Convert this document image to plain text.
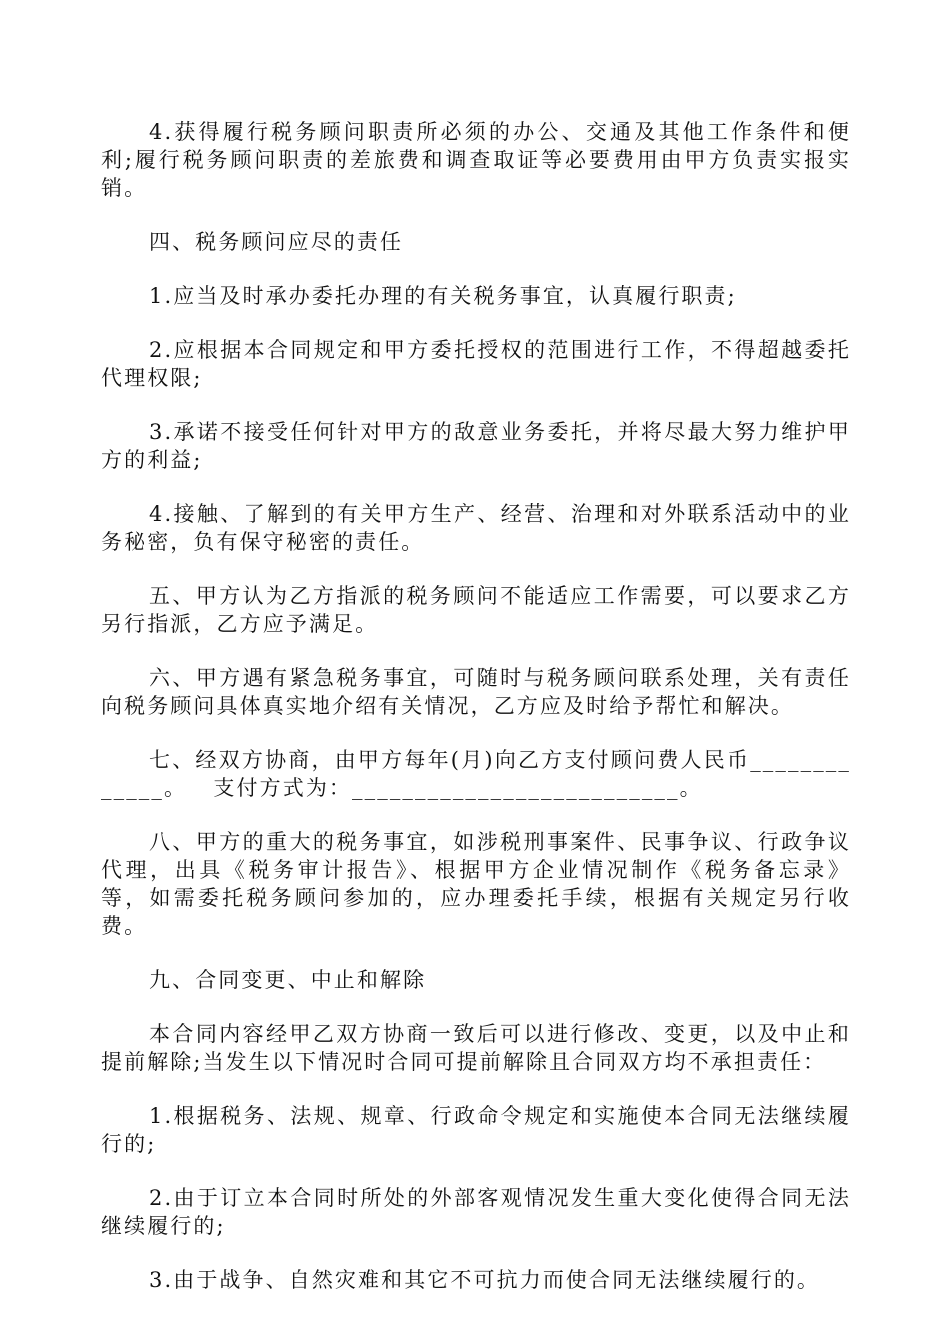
4.获得履行税务顾问职责所必须的办公、交通及其他工作条件和便利;履行税务顾问职责的差旅费和调查取证等必要费用由甲方负责实报实销。

四、税务顾问应尽的责任

1.应当及时承办委托办理的有关税务事宜，认真履行职责;

2.应根据本合同规定和甲方委托授权的范围进行工作，不得超越委托代理权限;

3.承诺不接受任何针对甲方的敌意业务委托，并将尽最大努力维护甲方的利益;

4.接触、了解到的有关甲方生产、经营、治理和对外联系活动中的业务秘密，负有保守秘密的责任。

五、甲方认为乙方指派的税务顾问不能适应工作需要，可以要求乙方另行指派，乙方应予满足。

六、甲方遇有紧急税务事宜，可随时与税务顾问联系处理，关有责任向税务顾问具体真实地介绍有关情况，乙方应及时给予帮忙和解决。

七、经双方协商，由甲方每年(月)向乙方支付顾问费人民币_____________。   支付方式为：__________________________。

八、甲方的重大的税务事宜，如涉税刑事案件、民事争议、行政争议代理，出具《税务审计报告》、根据甲方企业情况制作《税务备忘录》等，如需委托税务顾问参加的，应办理委托手续，根据有关规定另行收费。

九、合同变更、中止和解除

本合同内容经甲乙双方协商一致后可以进行修改、变更，以及中止和提前解除;当发生以下情况时合同可提前解除且合同双方均不承担责任：

1.根据税务、法规、规章、行政命令规定和实施使本合同无法继续履行的;

2.由于订立本合同时所处的外部客观情况发生重大变化使得合同无法继续履行的;

3.由于战争、自然灾难和其它不可抗力而使合同无法继续履行的。
